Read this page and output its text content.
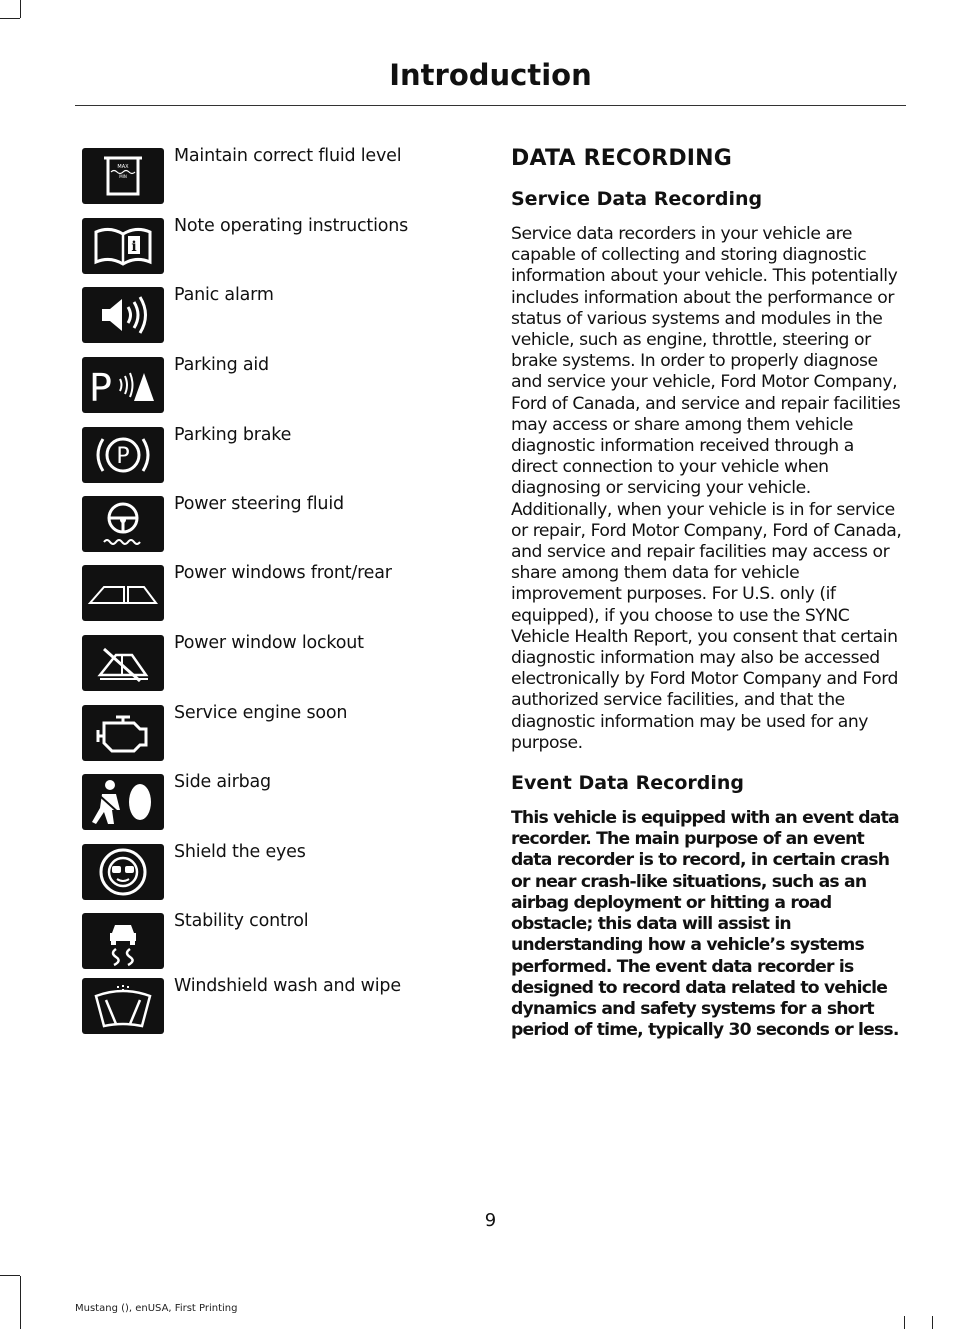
Introduction
MAX
MIN
Maintain correct fluid level
i
Note operating instructions
Panic alarm
P
Parking aid
P
Parking brake
Power steering fluid
Power windows front/rear
Power window lockout
Service engine soon
Side airbag
Shield the eyes
Stability control
Windshield wash and wipe
DATA RECORDING
Service Data Recording
Service data recorders in your vehicle are capable of collecting and storing diagnostic information about your vehicle. This potentially includes information about the performance or status of various systems and modules in the vehicle, such as engine, throttle, steering or brake systems. In order to properly diagnose and service your vehicle, Ford Motor Company, Ford of Canada, and service and repair facilities may access or share among them vehicle diagnostic information received through a direct connection to your vehicle when diagnosing or servicing your vehicle. Additionally, when your vehicle is in for service or repair, Ford Motor Company, Ford of Canada, and service and repair facilities may access or share among them data for vehicle improvement purposes. For U.S. only (if equipped), if you choose to use the SYNC Vehicle Health Report, you consent that certain diagnostic information may also be accessed electronically by Ford Motor Company and Ford authorized service facilities, and that the diagnostic information may be used for any purpose.
Event Data Recording
This vehicle is equipped with an event data recorder. The main purpose of an event data recorder is to record, in certain crash or near crash-like situations, such as an airbag deployment or hitting a road obstacle; this data will assist in understanding how a vehicle’s systems performed. The event data recorder is designed to record data related to vehicle dynamics and safety systems for a short period of time, typically 30 seconds or less.
9
Mustang (), enUSA, First Printing
